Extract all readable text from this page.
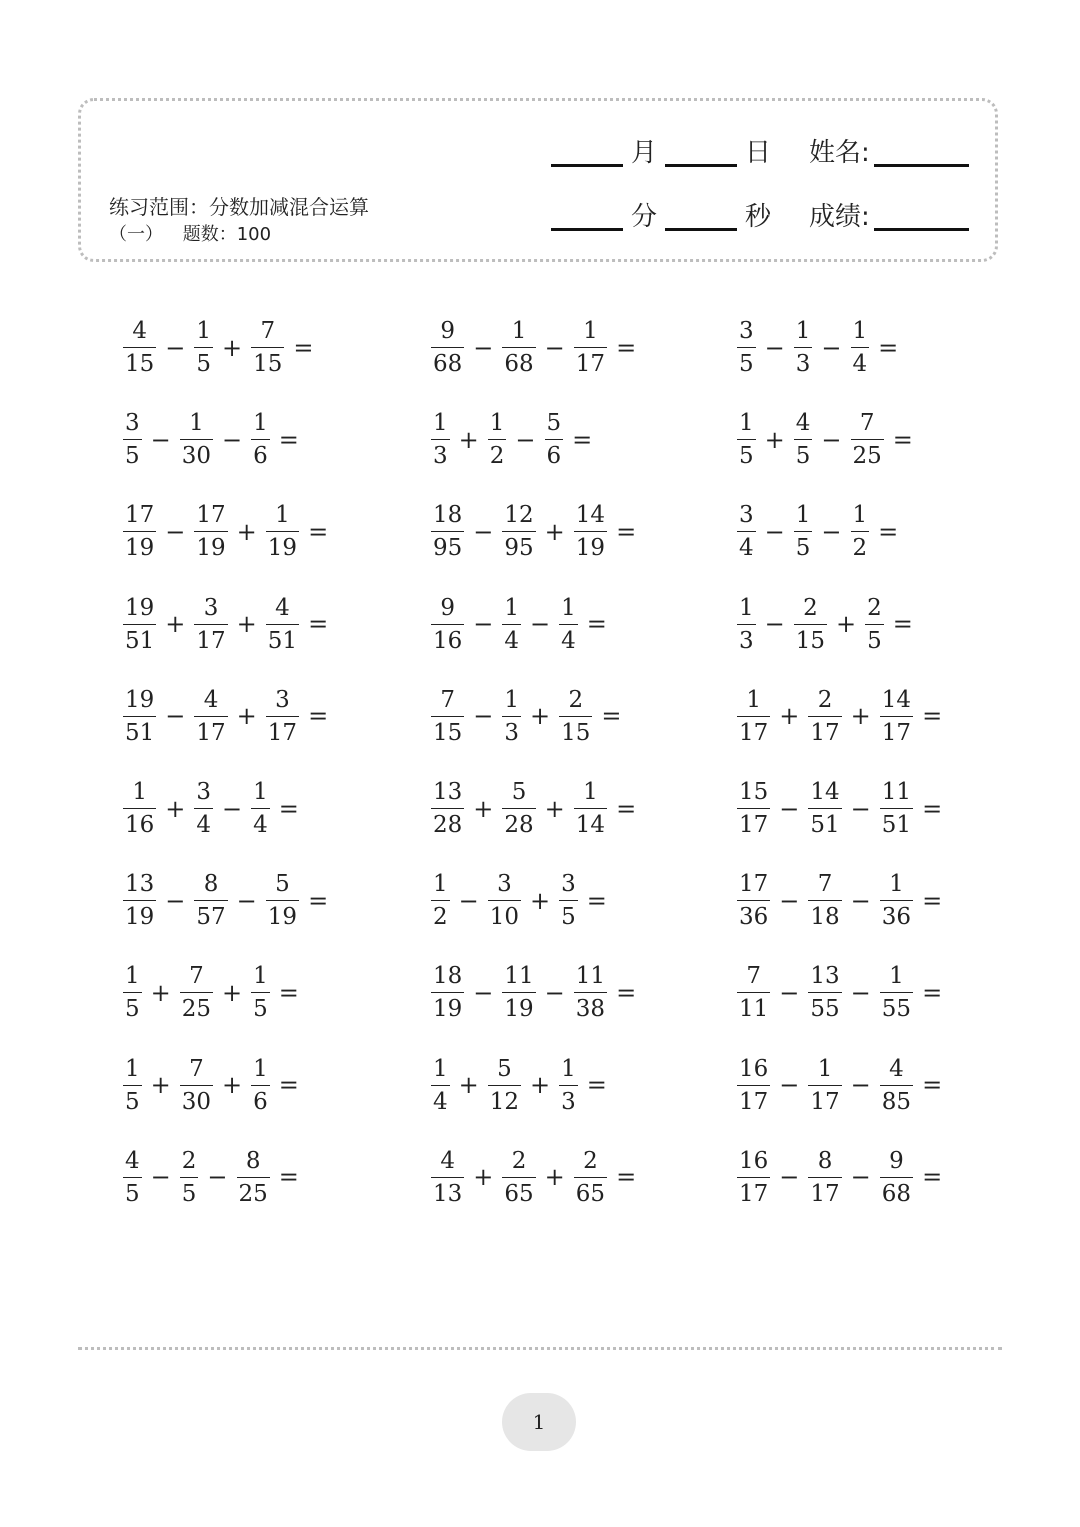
月	日 姓名:
练习范围：分数加减混合运算
（一） 题数：100
分	秒 成绩:
$\frac{4}{15} - \frac{1}{5} + \frac{7}{15}$ =	$\frac{9}{68} - \frac{1}{68} - \frac{1}{17}$ =	$\frac{3}{5} - \frac{1}{3} - \frac{1}{4}$ =
$\frac{3}{5} - \frac{1}{30} - \frac{1}{6}$ =	$\frac{1}{3} + \frac{1}{2} - \frac{5}{6}$ =	$\frac{1}{5} + \frac{4}{5} - \frac{7}{25}$ =
$\frac{17}{19} - \frac{17}{19} + \frac{1}{19}$ =	$\frac{18}{95} - \frac{12}{95} + \frac{14}{19}$ =	$\frac{3}{4} - \frac{1}{5} - \frac{1}{2}$ =
$\frac{19}{51} + \frac{3}{17} + \frac{4}{51}$ =	$\frac{9}{16} - \frac{1}{4} - \frac{1}{4}$ =	$\frac{1}{3} - \frac{2}{15} + \frac{2}{5}$ =
$\frac{19}{51} - \frac{4}{17} + \frac{3}{17}$ =	$\frac{7}{15} - \frac{1}{3} + \frac{2}{15}$ =	$\frac{1}{17} + \frac{2}{17} + \frac{14}{17}$ =
$\frac{1}{16} + \frac{3}{4} - \frac{1}{4}$ =	$\frac{13}{28} + \frac{5}{28} + \frac{1}{14}$ =	$\frac{15}{17} - \frac{14}{51} - \frac{11}{51}$ =
$\frac{13}{19} - \frac{8}{57} - \frac{5}{19}$ =	$\frac{1}{2} - \frac{3}{10} + \frac{3}{5}$ =	$\frac{17}{36} - \frac{7}{18} - \frac{1}{36}$ =
$\frac{1}{5} + \frac{7}{25} + \frac{1}{5}$ =	$\frac{18}{19} - \frac{11}{19} - \frac{11}{38}$ =	$\frac{7}{11} - \frac{13}{55} - \frac{1}{55}$ =
$\frac{1}{5} + \frac{7}{30} + \frac{1}{6}$ =	$\frac{1}{4} + \frac{5}{12} + \frac{1}{3}$ =	$\frac{16}{17} - \frac{1}{17} - \frac{4}{85}$ =
$\frac{4}{5} - \frac{2}{5} - \frac{8}{25}$ =	$\frac{4}{13} + \frac{2}{65} + \frac{2}{65}$ =	$\frac{16}{17} - \frac{8}{17} - \frac{9}{68}$ =
1
